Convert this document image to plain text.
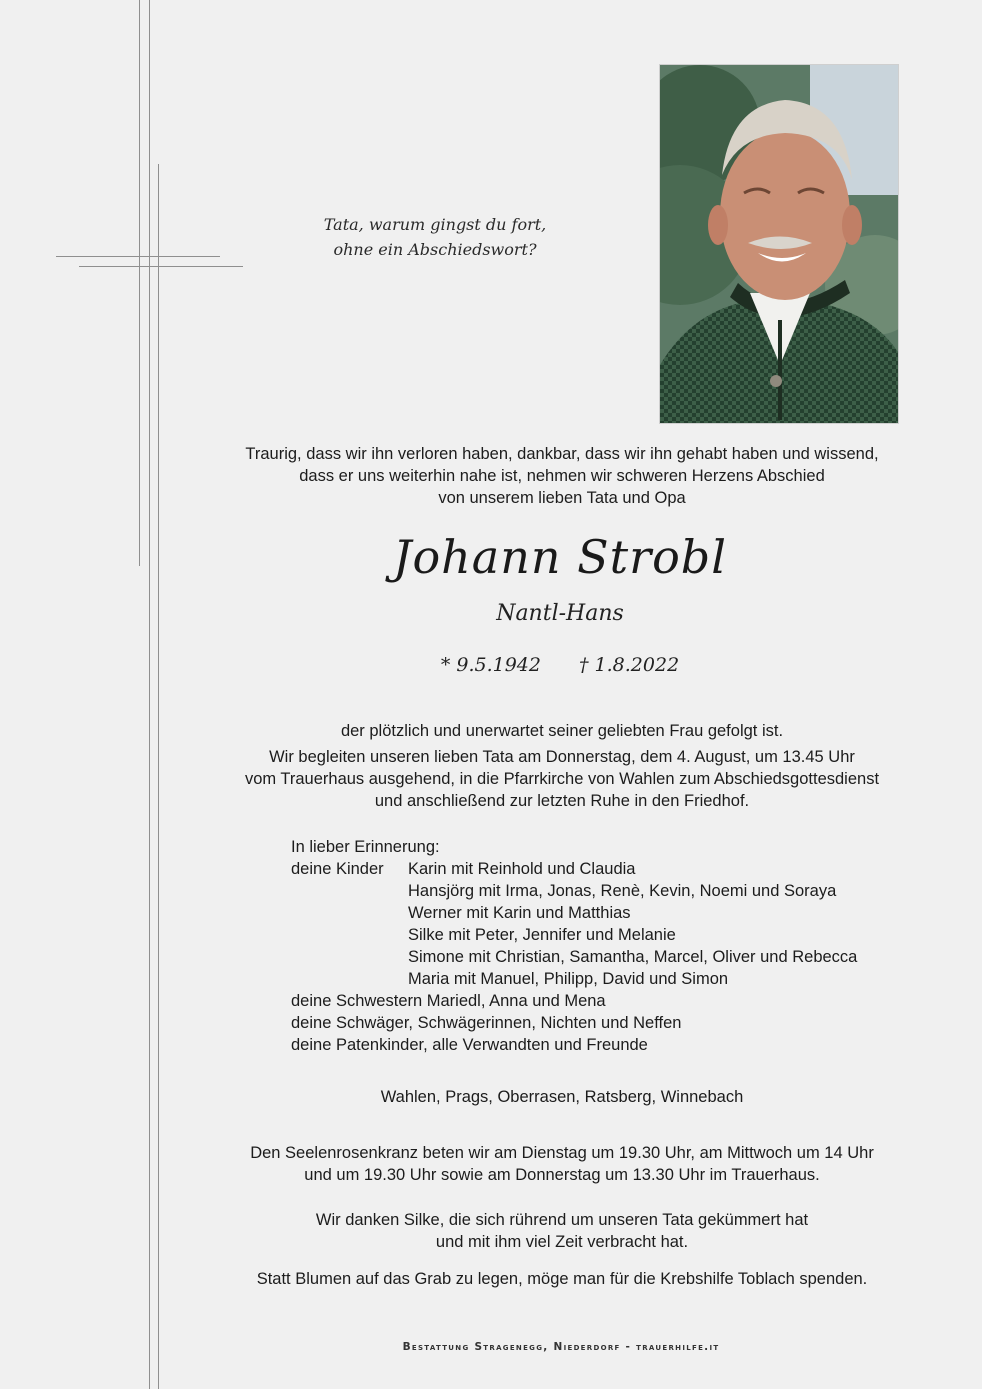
Tata, warum gingst du fort,
ohne ein Abschiedswort?
Traurig, dass wir ihn verloren haben, dankbar, dass wir ihn gehabt haben und wissend,
dass er uns weiterhin nahe ist, nehmen wir schweren Herzens Abschied
von unserem lieben Tata und Opa
Johann Strobl
Nantl-Hans
* 9.5.1942 † 1.8.2022
der plötzlich und unerwartet seiner geliebten Frau gefolgt ist.
Wir begleiten unseren lieben Tata am Donnerstag, dem 4. August, um 13.45 Uhr
vom Trauerhaus ausgehend, in die Pfarrkirche von Wahlen zum Abschiedsgottesdienst
und anschließend zur letzten Ruhe in den Friedhof.
In lieber Erinnerung:
deine Kinder	Karin mit Reinhold und Claudia
Hansjörg mit Irma, Jonas, Renè, Kevin, Noemi und Soraya
Werner mit Karin und Matthias
Silke mit Peter, Jennifer und Melanie
Simone mit Christian, Samantha, Marcel, Oliver und Rebecca
Maria mit Manuel, Philipp, David und Simon
deine Schwestern Mariedl, Anna und Mena
deine Schwäger, Schwägerinnen, Nichten und Neffen
deine Patenkinder, alle Verwandten und Freunde
Wahlen, Prags, Oberrasen, Ratsberg, Winnebach
Den Seelenrosenkranz beten wir am Dienstag um 19.30 Uhr, am Mittwoch um 14 Uhr
und um 19.30 Uhr sowie am Donnerstag um 13.30 Uhr im Trauerhaus.
Wir danken Silke, die sich rührend um unseren Tata gekümmert hat
und mit ihm viel Zeit verbracht hat.
Statt Blumen auf das Grab zu legen, möge man für die Krebshilfe Toblach spenden.
Bestattung Stragenegg, Niederdorf - trauerhilfe.it
